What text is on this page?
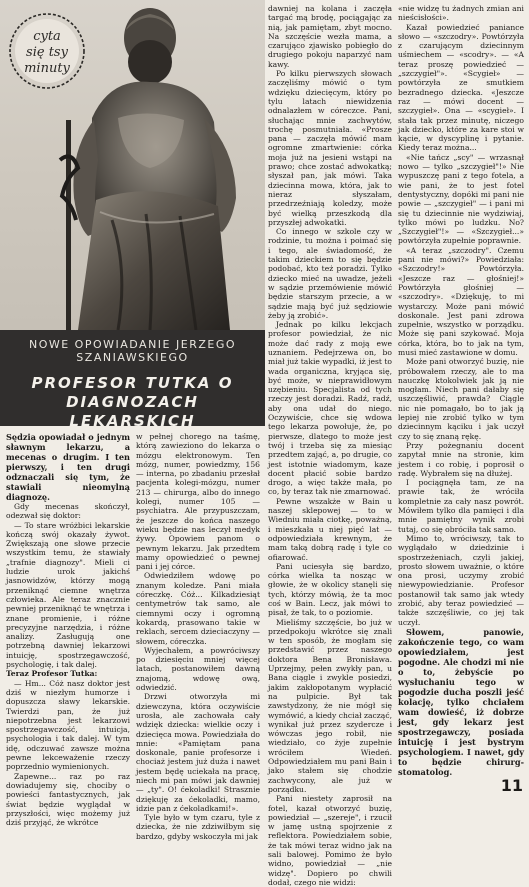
cyta
się tsy
minuty
NOWE OPOWIADANIE JERZEGO SZANIAWSKIEGO
PROFESOR TUTKA O DIAGNOZACH LEKARSKICH

Sędzia opowiadał o jednym sławnym lekarzu, a mecenas o drugim. I ten pierwszy, i ten drugi odznaczali się tym, że stawiali nieomylną diagnozę.

Gdy mecenas skończył, odezwał się doktor:

— To stare wróżbici lekarskie kończą swój okazały żywot. Zwiększają one słowe przecie wszystkim temu, że stawiały „trafnie diagnozy". Mieli ci ludzie urok jakichś jasnowidzów, którzy mogą przeniknąć ciemne wnętrza człowieka. Ale teraz znacznie pewniej przeniknąć te wnętrza i znane promienie, i różne precyzyjne narzędzia, i różne analizy. Zasługują one potrzebną dawniej lekarzowi intuicję, spostrzegawczość, psychologię, i tak dalej.

Teraz Profesor Tutka:

— Hm... Cóż nasz doktor jest dziś w niezłym humorze i dopuszcza sławy lekarskie. Twierdzi pan, że już niepotrzebna jest lekarzowi spostrzegawczość, intuicja, psychologia i tak dalej. W tym idę, odczuwać zawsze można pewne lekceważenie rzeczy poprzednio wymienionych.

Zapewne... raz po raz dowiadujemy się, chociby o powieści fantastycznych, jak świat będzie wyglądał w przyszłości, więc możemy już dziś przyjąć, że wkrótce

w pełnej chorego na taśmę, którą zawieziono do lekarza o mózgu elektronowym. Ten mózg, numer, powiedzmy, 156 — interna, po zbadaniu przesłał pacjenta kolegi-mózgu, numer 213 — chirurga, albo do innego kolegi, numer 105 — psychiatra. Ale przypuszczam, że jeszcze do końca naszego wieku będzie nas leczył medyk żywy. Opowiem panom o pewnym lekarzu. Jak przedtem mamy opowiedzieć o pewnej pani i jej córce.

Odwiedziłem wdowę po znanym koledze. Pani miała córeczkę. Cóż... Kilkadziesiąt centymetrów tak samo, ale ciemnymi oczy i ogromną kokardą, prasowano takie w reklach, sercem dzieciaczyny — słowem, córeczka.

Wyjechałem, a powróciwszy po dziesięciu mniej więcej latach, postanowiłem dawną znajomą, wdowę ową, odwiedzić.

Drzwi otworzyła mi dziewczyna, która oczywiście urosła, ale zachowała cały wdzięk dziecka: wielkie oczy i dziecięca mowa. Powiedziała do mnie: «Pamiętam pana doskonale, panie profesorze i chociaż jestem już duża i nawet jestem będę uciekała na pracę, niech mi pan mówi jak dawniej — „ty". O! ćekoladki! Strasznie dziękuję za ćekoladki, mamo, idzie pan z ćekoladkami!».

Tyle było w tym czaru, tyle z dziecka, że nie zdziwiłbym się bardzo, gdyby wskoczyła mi jak

dawniej na kolana i zaczęła targać mą brodę, pociągając za nią, jak pamiętam, zbyt mocno. Na szczęście wezła mama, a czarująco zjawisko pobiegło do drugiego pokoju naparzyć nam kawy.

Po kilku pierwszych słowach zaczęliśmy mówić o tym wdzięku dziecięcym, który po tylu latach niewidzenia odnalazłem w córeczce. Pani, słuchając mnie zachwytów, trochę posmutniała. «Prosze pana — zaczęła mówić mam ogromne zmartwienie: córka moja już na jesieni wstąpi na prawo; chce zostać adwokatką; słyszał pan, jak mówi. Taka dziecinna mowa, która, jak to nieraz słyszałam, przedrzeźniają koledzy, może być wielką przeszkodą dla przyszłej adwokatki.

Co innego w szkole czy w rodzinie, tu można i poimać się i tego, ale świadomość, że takim dzieckiem to się będzie podobać, kto też poradzi. Tylko dziecko mieć na uwadze, jeżeli w sądzie przemówienie mówić będzie starszym przecie, a w sądzie mają być już sędziowie żeby ją zrobić».

Jednak po kilku lekcjach profesor powiedział, że nic może dać rady z moją ewe uznaniem. Pedejrzewa on, bo miał już takie wypadki, iż jest to wada organiczna, kryjąca się, być może, w nieprawidłowym uzębieniu. Specjalista od tych rzeczy jest doradzi. Radź, radź, aby ona udał do niego. Oczywiście, chce się wdowa tego lekarza powołuje, że, po pierwsze, dlatego to może jest twój i trzeba się za miesiąc przedtem zająć, a, po drugie, co jest istotnie wiadomym, kaze docent płacić sobie bardzo drogo, a więc także mała, po co, by teraz tak nie zmarnować.

Pewne wszakże w Bain u naszej sklepowej — to w Wiedniu miała ciotkę, poważną, i mieszkała u niej pięć lat — odpowiedziała krewnym, że mam taką dobrą radę i tyle co ofiarować.

Pani uciesyła się bardzo, córka wielka ta nosząc w głowie, że w okolicy stanęli się tych, którzy mówią, że ta moc coś w Bain. Lecz, jak mówi to pisał, że tak, to o poziomie.

Mieliśmy szczęście, bo już w przedpokoju wkrótce się znali w ten sposób, że mogłam się przedstawić przez naszego doktora Bena Bronisława. Uprzejmy, pełen zwykły pan, u Bana ciągle i zwykle posiedzi, jakim zakłopotanym wypłacić na pulpicie. Był tak zawstydzony, że nie mógł się wymówić, a kiedy chciał zacząć, wynikał już przez szydercze i wówczas jego robił, nie wiedziało, co żyje zupełnie wróciłem Wiedeń. Odpowiedziałem mu pani Bain i jako stałem się chodzie zachwycony, ale już w porządku.

Pani niestety zaprosił na fotel, kazał otworzyć buzię, powiedział — „szereje", i rzucił w jamę ustną spojrzenie z reflektora. Powiedziałem sobie, że tak mówi teraz widno jak na sali balowej. Pomimo że było widno, powiedział — „nie widzę". Dopiero po chwili dodał, czego nie widzi:

«nie widzę tu żadnych zmian ani nieścisłości».

Kazał powiedzieć paniance słowo — «szczodry». Powtórzyła z czarującym dziecinnym uśmiechem — «scodry». — «A teraz proszę powiedzieć — „szczygieł"». «Scygieł» — powtórzyła ze smutkiem bezradnego dziecka. «Jeszcze raz — mówi docent — szczygieł». Ona — «scygieł». I stała tak przez minutę, niczego jak dziecko, które za kare stoi w kącie, w dyscyplinę i pytanie. Kiedy teraz można...

«Nie tańcz „scy" — wrzasnął nowo — tylko „szczygieł"!» Nie wypuszczę pani z tego fotela, a wie pani, że to jest fotel dentystyczny, dopóki mi pani nie powie — „szczygieł" — i pani mi się tu dziecinnie nie wydziwiaj, tylko mówi po ludzku. No? „Szczygieł"!» — «Szczygieł...» powtórzyła zupełnie poprawnie.

«A teraz „szczodry". Czemu pani nie mówi?» Powiedziała: «Szczodry!» Powtórzyła. «Jeszcze raz — głośniej!» Powtórzyła głośniej — «szczodry». «Dziękuję, to mi wystarczy. Może pani mówić doskonale. Jest pani zdrowa zupełnie, wszystko w porządku. Może się pani szykować. Moja córka, która, bo to jak na tym, musi mieć zastawione w domu.

Może pani otworzyć buzię, nie próbowałem rzeczy, ale to ma nauczkę ktokolwiek jak ją nie mogłam. Niech pani dałaby się uszczęśliwić, prawda? Ciągle nic nie pomagało, bo to jak ją lepiej nie zrobić tylko w tym dziecinnym kąciku i jak uczył czy to się znaną rękę.

Przy pożegnaniu docent zapytał mnie na stronie, kim jestem i co robię, i poprosił o radę. Wybrałem się na dłużej.

I pociągnęła tam, ze na prawie tak, że wróciła kompletnie za cały nasz powrót. Mówiłem tylko dla pamięci i dla mnie pamiętny wynik zrobi tutaj, co się obróciła tak samo.

Mimo to, wróciwszy, tak to wyglądało w dziedzinie i spostrzeżeniach, czyli jakiej, prosto słowem uważnie, o które ona prosi, uczymy zrobić niewypowiedzianie. Profesor postanowił tak samo jak wtedy zrobić, aby teraz powiedzieć — także szczęśliwie, co jej tak uczył.

Słowem, panowie, zakończenie tego, co wam opowiedziałem, jest pogodne. Ale chodzi mi nie o to, żebyście po wysłuchaniu tego w pogodzie ducha poszli jeść kolację, tylko chciałem wam dowieść, iż dobrze jest, gdy lekarz jest spostrzegawczy, posiada intuicję i jest bystrym psychologiem. I nawet, gdy to będzie chirurg-stomatolog.

11
